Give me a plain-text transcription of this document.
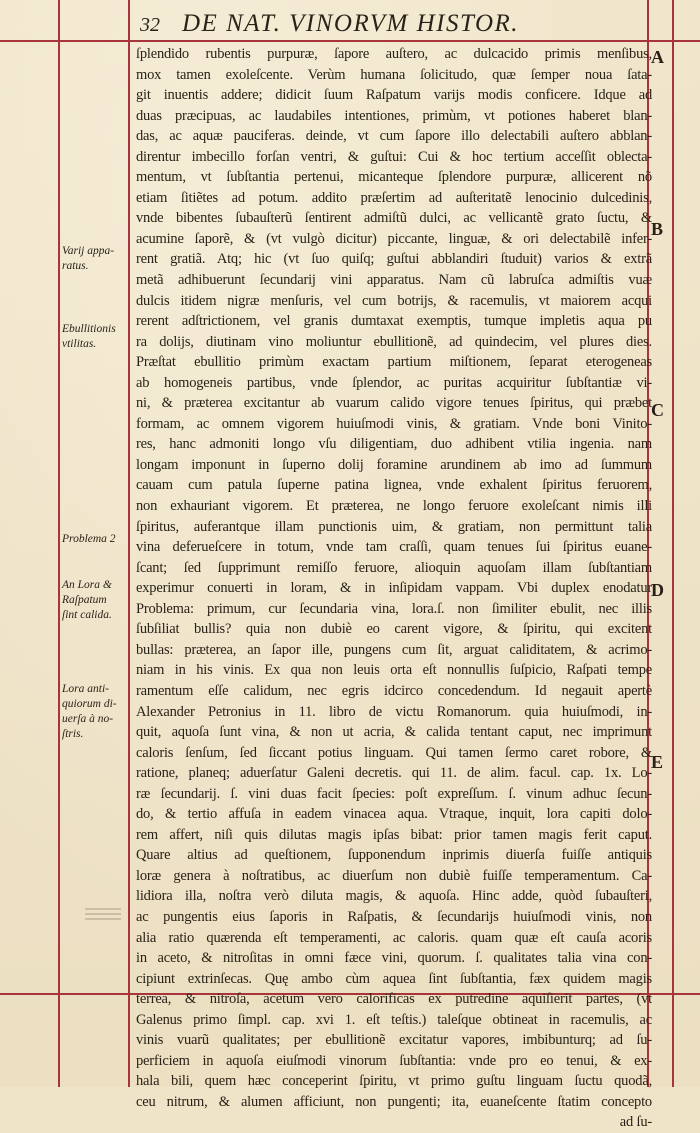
32 DE NAT. VINORVM HISTOR.
Varij appa-
ratus.
Ebullitionis
vtilitas.
Problema 2
An Lora &
Raſpatum
ſint calida.
Lora anti-
quiorum di-
uerſa à no-
ſtris.
ſplendido rubentis purpuræ, ſapore auſtero, ac dulcacido primis menſibus,
mox tamen exoleſcente. Verùm humana ſolicitudo, quæ ſemper noua ſata-
git inuentis addere; didicit ſuum Raſpatum varijs modis conficere. Idque ad
duas præcipuas, ac laudabiles intentiones, primùm, vt potiones haberet blan-
das, ac aquæ pauciferas. deinde, vt cum ſapore illo delectabili auſtero abblan-
direntur imbecillo forſan ventri, & guſtui: Cui & hoc tertium acceſſit oblecta-
mentum, vt ſubſtantia pertenui, micanteque ſplendore purpuræ, allicerent nõ
etiam ſitiẽtes ad potum. addito præſertim ad auſteritatẽ lenocinio dulcedinis,
vnde bibentes ſubauſterũ ſentirent admiſtũ dulci, ac vellicantẽ grato ſuctu, &
acumine ſaporẽ, & (vt vulgò dicitur) piccante, linguæ, & ori delectabilẽ infer-
rent gratiã. Atq; hic (vt ſuo quiſq; guſtui abblandiri ſtuduit) varios & extrã
metã adhibuerunt ſecundarij vini apparatus. Nam cũ labruſca admiſtis vuæ
dulcis itidem nigræ menſuris, vel cum botrijs, & racemulis, vt maiorem acqui
rerent adſtrictionem, vel granis dumtaxat exemptis, tumque impletis aqua pu
ra dolijs, diutinam vino moliuntur ebullitionẽ, ad quindecim, vel plures dies.
Præſtat ebullitio primùm exactam partium miſtionem, ſeparat eterogeneas
ab homogeneis partibus, vnde ſplendor, ac puritas acquiritur ſubſtantiæ vi-
ni, & præterea excitantur ab vuarum calido vigore tenues ſpiritus, qui præbet
formam, ac omnem vigorem huiuſmodi vinis, & gratiam. Vnde boni Vinito-
res, hanc admoniti longo vſu diligentiam, duo adhibent vtilia ingenia. nam
longam imponunt in ſuperno dolij foramine arundinem ab imo ad ſummum
cauam cum patula ſuperne patina lignea, vnde exhalent ſpiritus feruorem,
non exhauriant vigorem. Et præterea, ne longo feruore exoleſcant nimis illi
ſpiritus, auferantque illam punctionis uim, & gratiam, non permittunt talia
vina deferueſcere in totum, vnde tam craſſi, quam tenues ſui ſpiritus euane-
ſcant; ſed ſupprimunt remiſſo feruore, alioquin aquoſam illam ſubſtantiam
experimur conuerti in loram, & in inſipidam vappam. Vbi duplex enodatur
Problema: primum, cur ſecundaria vina, lora.ſ. non ſimiliter ebulit, nec illis
ſubſiliat bullis? quia non dubiè eo carent vigore, & ſpiritu, qui excitent
bullas: præterea, an ſapor ille, pungens cum ſit, arguat caliditatem, & acrimo-
niam in his vinis. Ex qua non leuis orta eſt nonnullis ſuſpicio, Raſpati tempe
ramentum eſſe calidum, nec egris idcirco concedendum. Id negauit apertè
Alexander Petronius in 11. libro de victu Romanorum. quia huiuſmodi, in-
quit, aquoſa ſunt vina, & non ut acria, & calida tentant caput, nec imprimunt
caloris ſenſum, ſed ſiccant potius linguam. Qui tamen ſermo caret robore, &
ratione, planeq; aduerſatur Galeni decretis. qui 11. de alim. facul. cap. 1x. Lo-
ræ ſecundarij. ſ. vini duas facit ſpecies: poſt expreſſum. ſ. vinum adhuc ſecun-
do, & tertio affuſa in eadem vinacea aqua. Vtraque, inquit, lora capiti dolo-
rem affert, niſi quis dilutas magis ipſas bibat: prior tamen magis ferit caput.
Quare altius ad queſtionem, ſupponendum inprimis diuerſa fuiſſe antiquis
loræ genera à noſtratibus, ac diuerſum non dubiè fuiſſe temperamentum. Ca-
lidiora illa, noſtra verò diluta magis, & aquoſa. Hinc adde, quòd ſubauſteri,
ac pungentis eius ſaporis in Raſpatis, & ſecundarijs huiuſmodi vinis, non
alia ratio quærenda eſt temperamenti, ac caloris. quam quæ eſt cauſa acoris
in aceto, & nitroſitas in omni fæce vini, quorum. ſ. qualitates talia vina con-
cipiunt extrinſecas. Quę ambo cùm aquea ſint ſubſtantia, fæx quidem magis
terrea, & nitroſa, acetum vero calorificas ex putredine aquiſierit partes, (vt
Galenus primo ſimpl. cap. xvi 1. eſt teſtis.) taleſque obtineat in racemulis, ac
vinis vuarũ qualitates; per ebullitionẽ excitatur vapores, imbibunturq; ad ſu-
perficiem in aquoſa eiuſmodi vinorum ſubſtantia: vnde pro eo tenui, & ex-
hala bili, quem hæc conceperint ſpiritu, vt primo guſtu linguam ſuctu quodã,
ceu nitrum, & alumen afficiunt, non pungenti; ita, euaneſcente ſtatim concepto
ad ſu-
A
B
C
D
E
